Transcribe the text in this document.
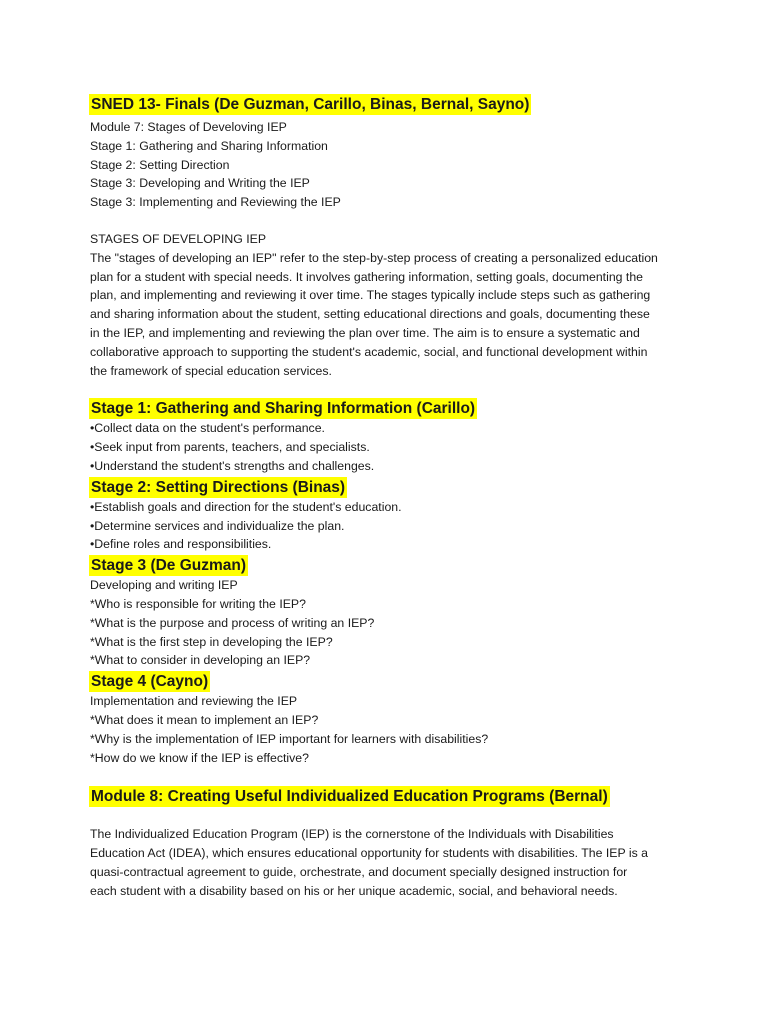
SNED 13- Finals (De Guzman, Carillo, Binas, Bernal, Sayno)
Module 7: Stages of Develoving IEP
Stage 1: Gathering and Sharing Information
Stage 2: Setting Direction
Stage 3: Developing and Writing the IEP
Stage 3: Implementing and Reviewing the IEP
STAGES OF DEVELOPING IEP
The "stages of developing an IEP" refer to the step-by-step process of creating a personalized education
plan for a student with special needs. It involves gathering information, setting goals, documenting the
plan, and implementing and reviewing it over time. The stages typically include steps such as gathering
and sharing information about the student, setting educational directions and goals, documenting these
in the IEP, and implementing and reviewing the plan over time. The aim is to ensure a systematic and
collaborative approach to supporting the student's academic, social, and functional development within
the framework of special education services.
Stage 1: Gathering and Sharing Information (Carillo)
•Collect data on the student's performance.
•Seek input from parents, teachers, and specialists.
•Understand the student's strengths and challenges.
Stage 2: Setting Directions (Binas)
•Establish goals and direction for the student's education.
•Determine services and individualize the plan.
•Define roles and responsibilities.
Stage 3 (De Guzman)
Developing and writing IEP
*Who is responsible for writing the IEP?
*What is the purpose and process of writing an IEP?
*What is the first step in developing the IEP?
*What to consider in developing an IEP?
Stage 4 (Cayno)
Implementation and reviewing the IEP
*What does it mean to implement an IEP?
*Why is the implementation of IEP important for learners with disabilities?
*How do we know if the IEP is effective?
Module 8: Creating Useful Individualized Education Programs (Bernal)
The Individualized Education Program (IEP) is the cornerstone of the Individuals with Disabilities
Education Act (IDEA), which ensures educational opportunity for students with disabilities. The IEP is a
quasi-contractual agreement to guide, orchestrate, and document specially designed instruction for
each student with a disability based on his or her unique academic, social, and behavioral needs.
